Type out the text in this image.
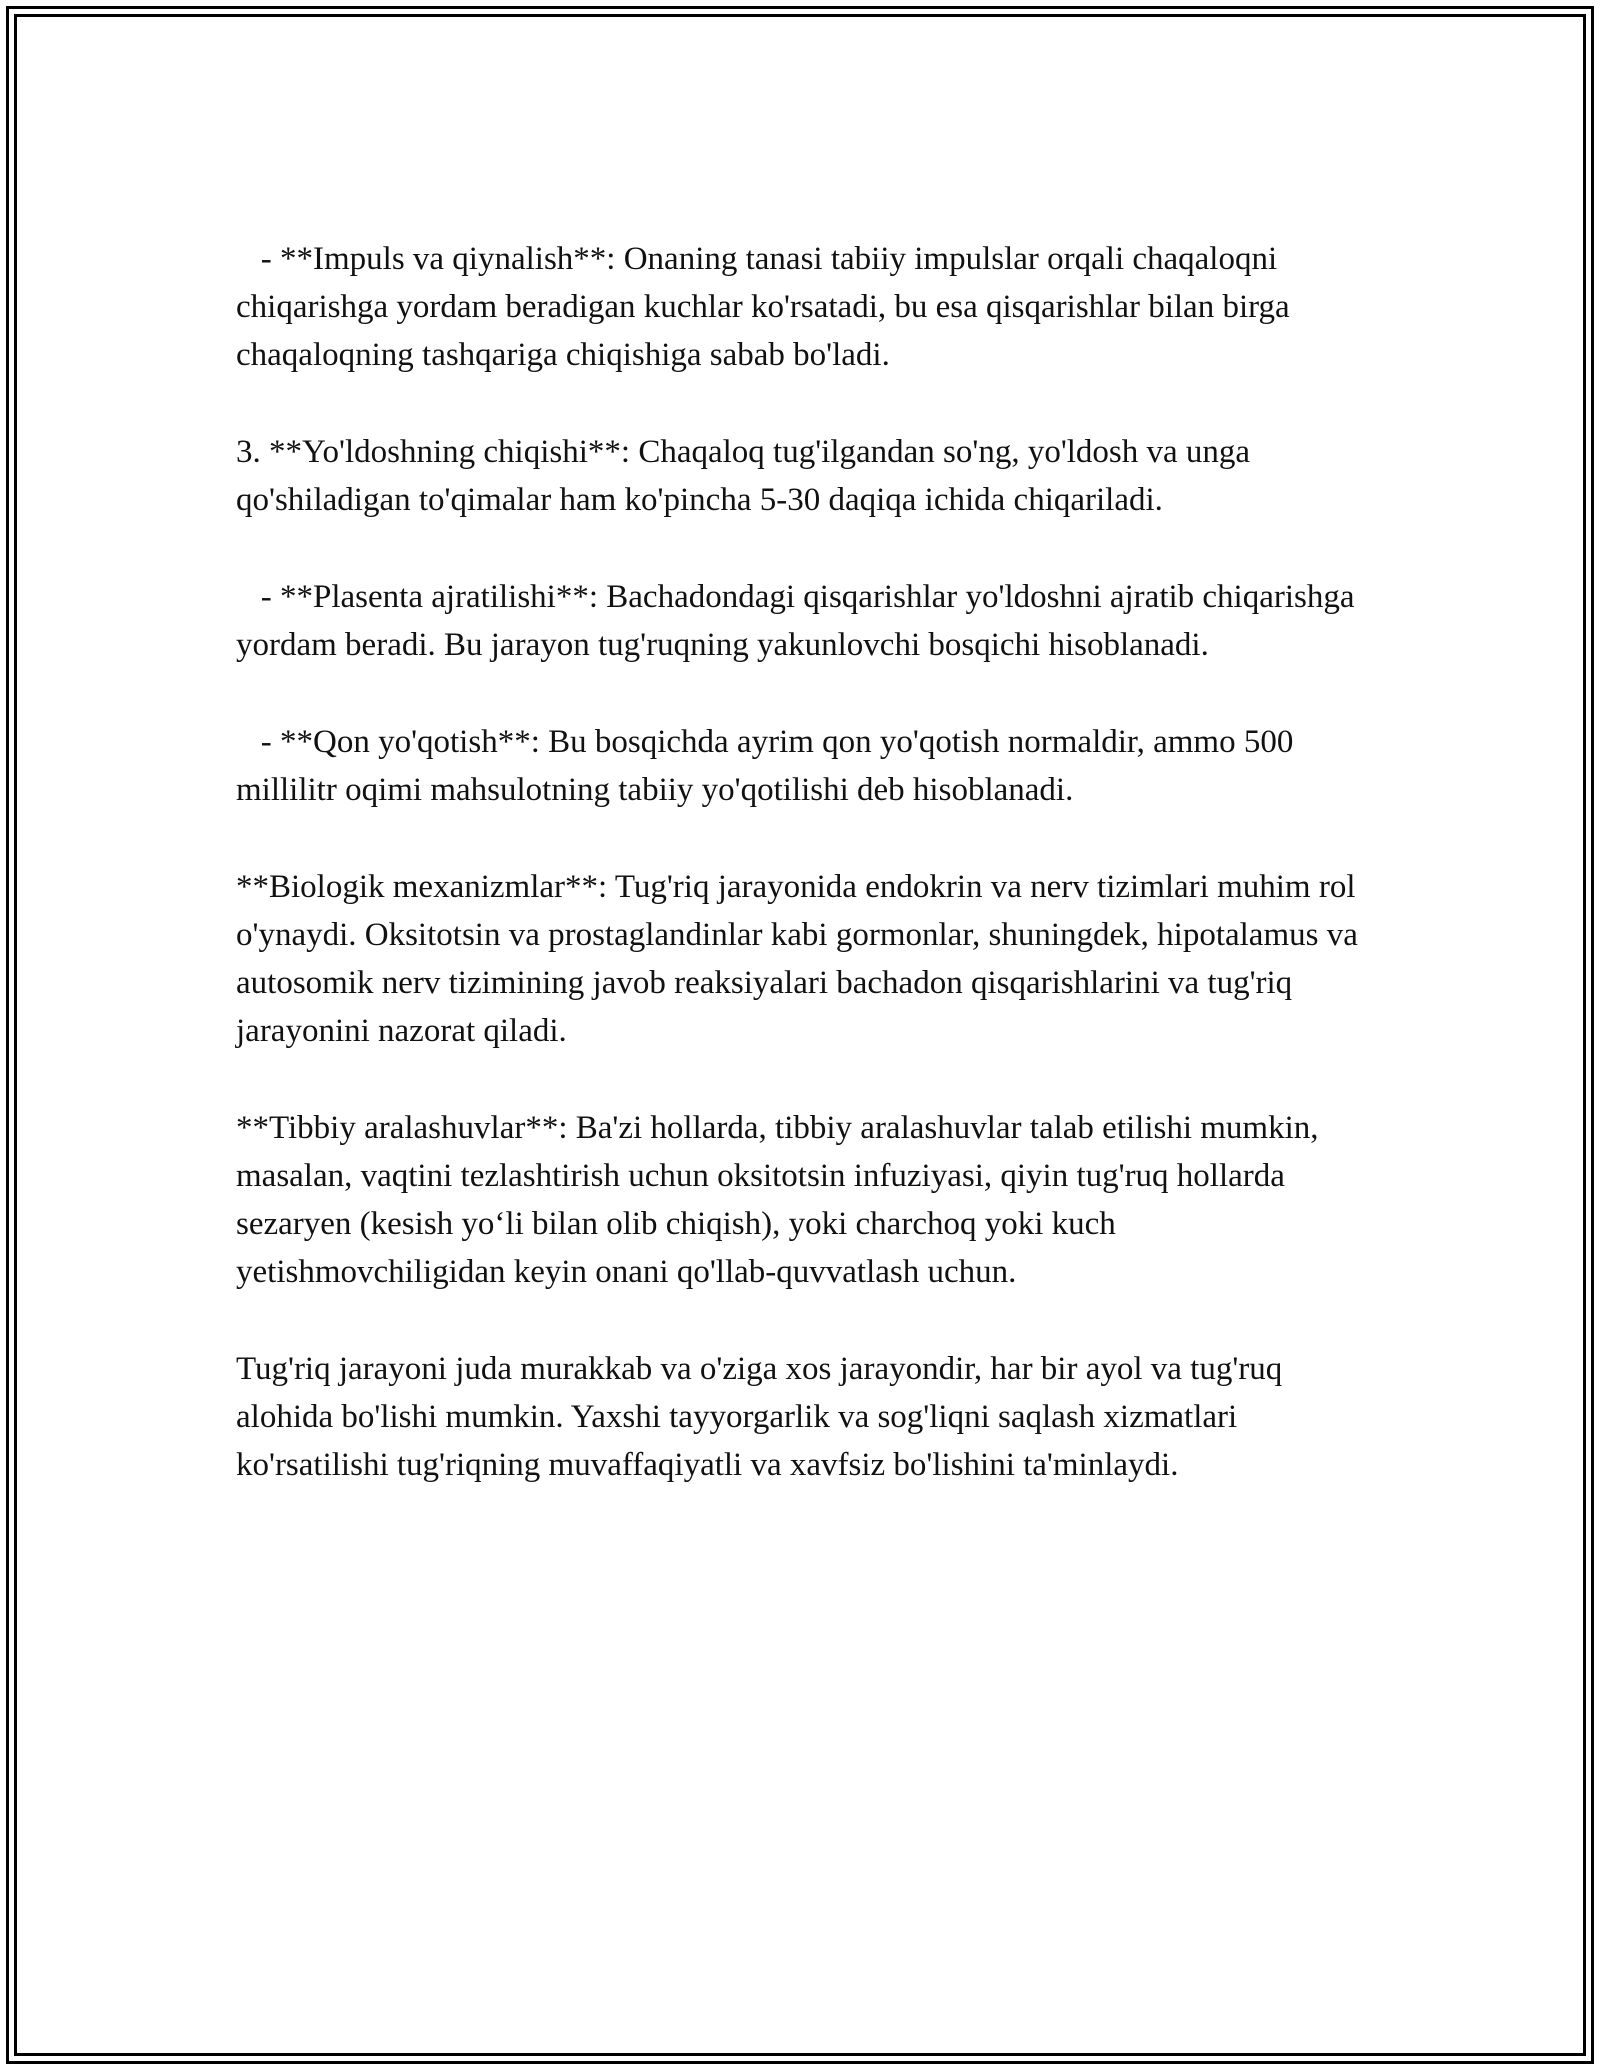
- **Impuls va qiynalish**: Onaning tanasi tabiiy impulslar orqali chaqaloqni chiqarishga yordam beradigan kuchlar ko'rsatadi, bu esa qisqarishlar bilan birga chaqaloqning tashqariga chiqishiga sabab bo'ladi.

3. **Yo'ldoshning chiqishi**: Chaqaloq tug'ilgandan so'ng, yo'ldosh va unga qo'shiladigan to'qimalar ham ko'pincha 5-30 daqiqa ichida chiqariladi.

- **Plasenta ajratilishi**: Bachadondagi qisqarishlar yo'ldoshni ajratib chiqarishga yordam beradi. Bu jarayon tug'ruqning yakunlovchi bosqichi hisoblanadi.

- **Qon yo'qotish**: Bu bosqichda ayrim qon yo'qotish normaldir, ammo 500 millilitr oqimi mahsulotning tabiiy yo'qotilishi deb hisoblanadi.

**Biologik mexanizmlar**: Tug'riq jarayonida endokrin va nerv tizimlari muhim rol o'ynaydi. Oksitotsin va prostaglandinlar kabi gormonlar, shuningdek, hipotalamus va autosomik nerv tizimining javob reaksiyalari bachadon qisqarishlarini va tug'riq jarayonini nazorat qiladi.

**Tibbiy aralashuvlar**: Ba'zi hollarda, tibbiy aralashuvlar talab etilishi mumkin, masalan, vaqtini tezlashtirish uchun oksitotsin infuziyasi, qiyin tug'ruq hollarda sezaryen (kesish yo‘li bilan olib chiqish), yoki charchoq yoki kuch yetishmovchiligidan keyin onani qo'llab-quvvatlash uchun.

Tug'riq jarayoni juda murakkab va o'ziga xos jarayondir, har bir ayol va tug'ruq alohida bo'lishi mumkin. Yaxshi tayyorgarlik va sog'liqni saqlash xizmatlari ko'rsatilishi tug'riqning muvaffaqiyatli va xavfsiz bo'lishini ta'minlaydi.
